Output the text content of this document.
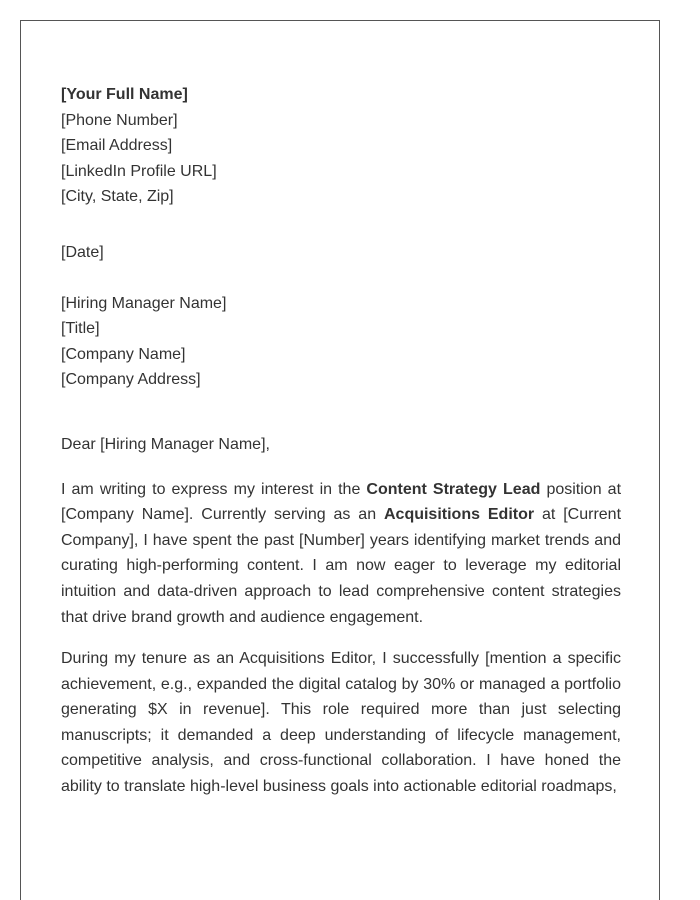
[Your Full Name]

[Phone Number]

[Email Address]

[LinkedIn Profile URL]

[City, State, Zip]

[Date]

[Hiring Manager Name]

[Title]

[Company Name]

[Company Address]

Dear [Hiring Manager Name],

I am writing to express my interest in the Content Strategy Lead position at [Company Name]. Currently serving as an Acquisitions Editor at [Current Company], I have spent the past [Number] years identifying market trends and curating high-performing content. I am now eager to leverage my editorial intuition and data-driven approach to lead comprehensive content strategies that drive brand growth and audience engagement.

During my tenure as an Acquisitions Editor, I successfully [mention a specific achievement, e.g., expanded the digital catalog by 30% or managed a portfolio generating $X in revenue]. This role required more than just selecting manuscripts; it demanded a deep understanding of lifecycle management, competitive analysis, and cross-functional collaboration. I have honed the ability to translate high-level business goals into actionable editorial roadmaps,
